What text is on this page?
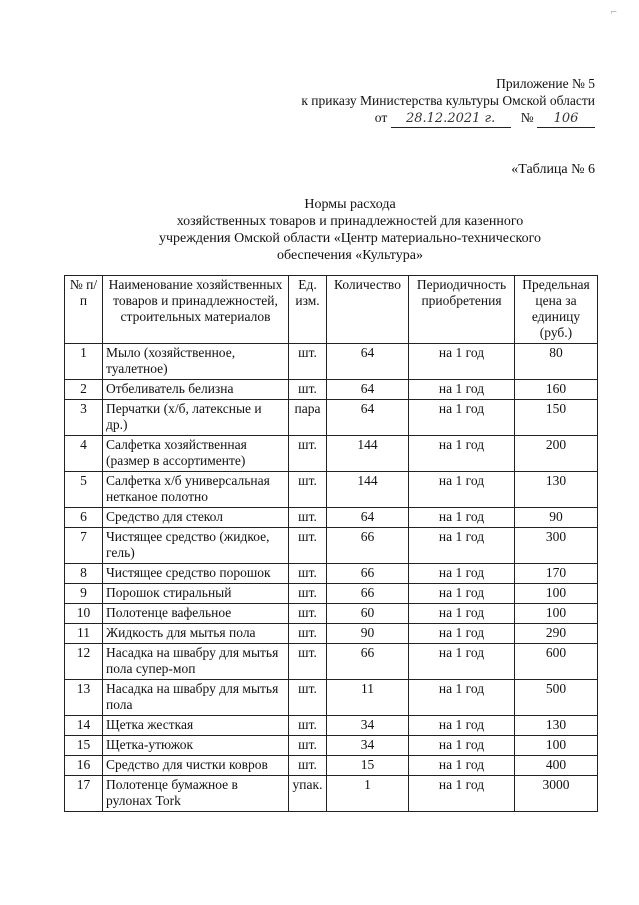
⌐
Приложение № 5
к приказу Министерства культуры Омской области
от 28.12.2021 г. № 106
«Таблица № 6
Нормы расхода
хозяйственных товаров и принадлежностей для казенного
учреждения Омской области «Центр материально-технического
обеспечения «Культура»
№ п/п	Наименование хозяйственных товаров и принадлежностей, строительных материалов	Ед. изм.	Количество	Периодичность приобретения	Предельная цена за единицу (руб.)
1	Мыло (хозяйственное, туалетное)	шт.	64	на 1 год	80
2	Отбеливатель белизна	шт.	64	на 1 год	160
3	Перчатки (х/б, латексные и др.)	пара	64	на 1 год	150
4	Салфетка хозяйственная (размер в ассортименте)	шт.	144	на 1 год	200
5	Салфетка х/б универсальная нетканое полотно	шт.	144	на 1 год	130
6	Средство для стекол	шт.	64	на 1 год	90
7	Чистящее средство (жидкое, гель)	шт.	66	на 1 год	300
8	Чистящее средство порошок	шт.	66	на 1 год	170
9	Порошок стиральный	шт.	66	на 1 год	100
10	Полотенце вафельное	шт.	60	на 1 год	100
11	Жидкость для мытья пола	шт.	90	на 1 год	290
12	Насадка на швабру для мытья пола супер-моп	шт.	66	на 1 год	600
13	Насадка на швабру для мытья пола	шт.	11	на 1 год	500
14	Щетка жесткая	шт.	34	на 1 год	130
15	Щетка-утюжок	шт.	34	на 1 год	100
16	Средство для чистки ковров	шт.	15	на 1 год	400
17	Полотенце бумажное в рулонах Tork	упак.	1	на 1 год	3000
